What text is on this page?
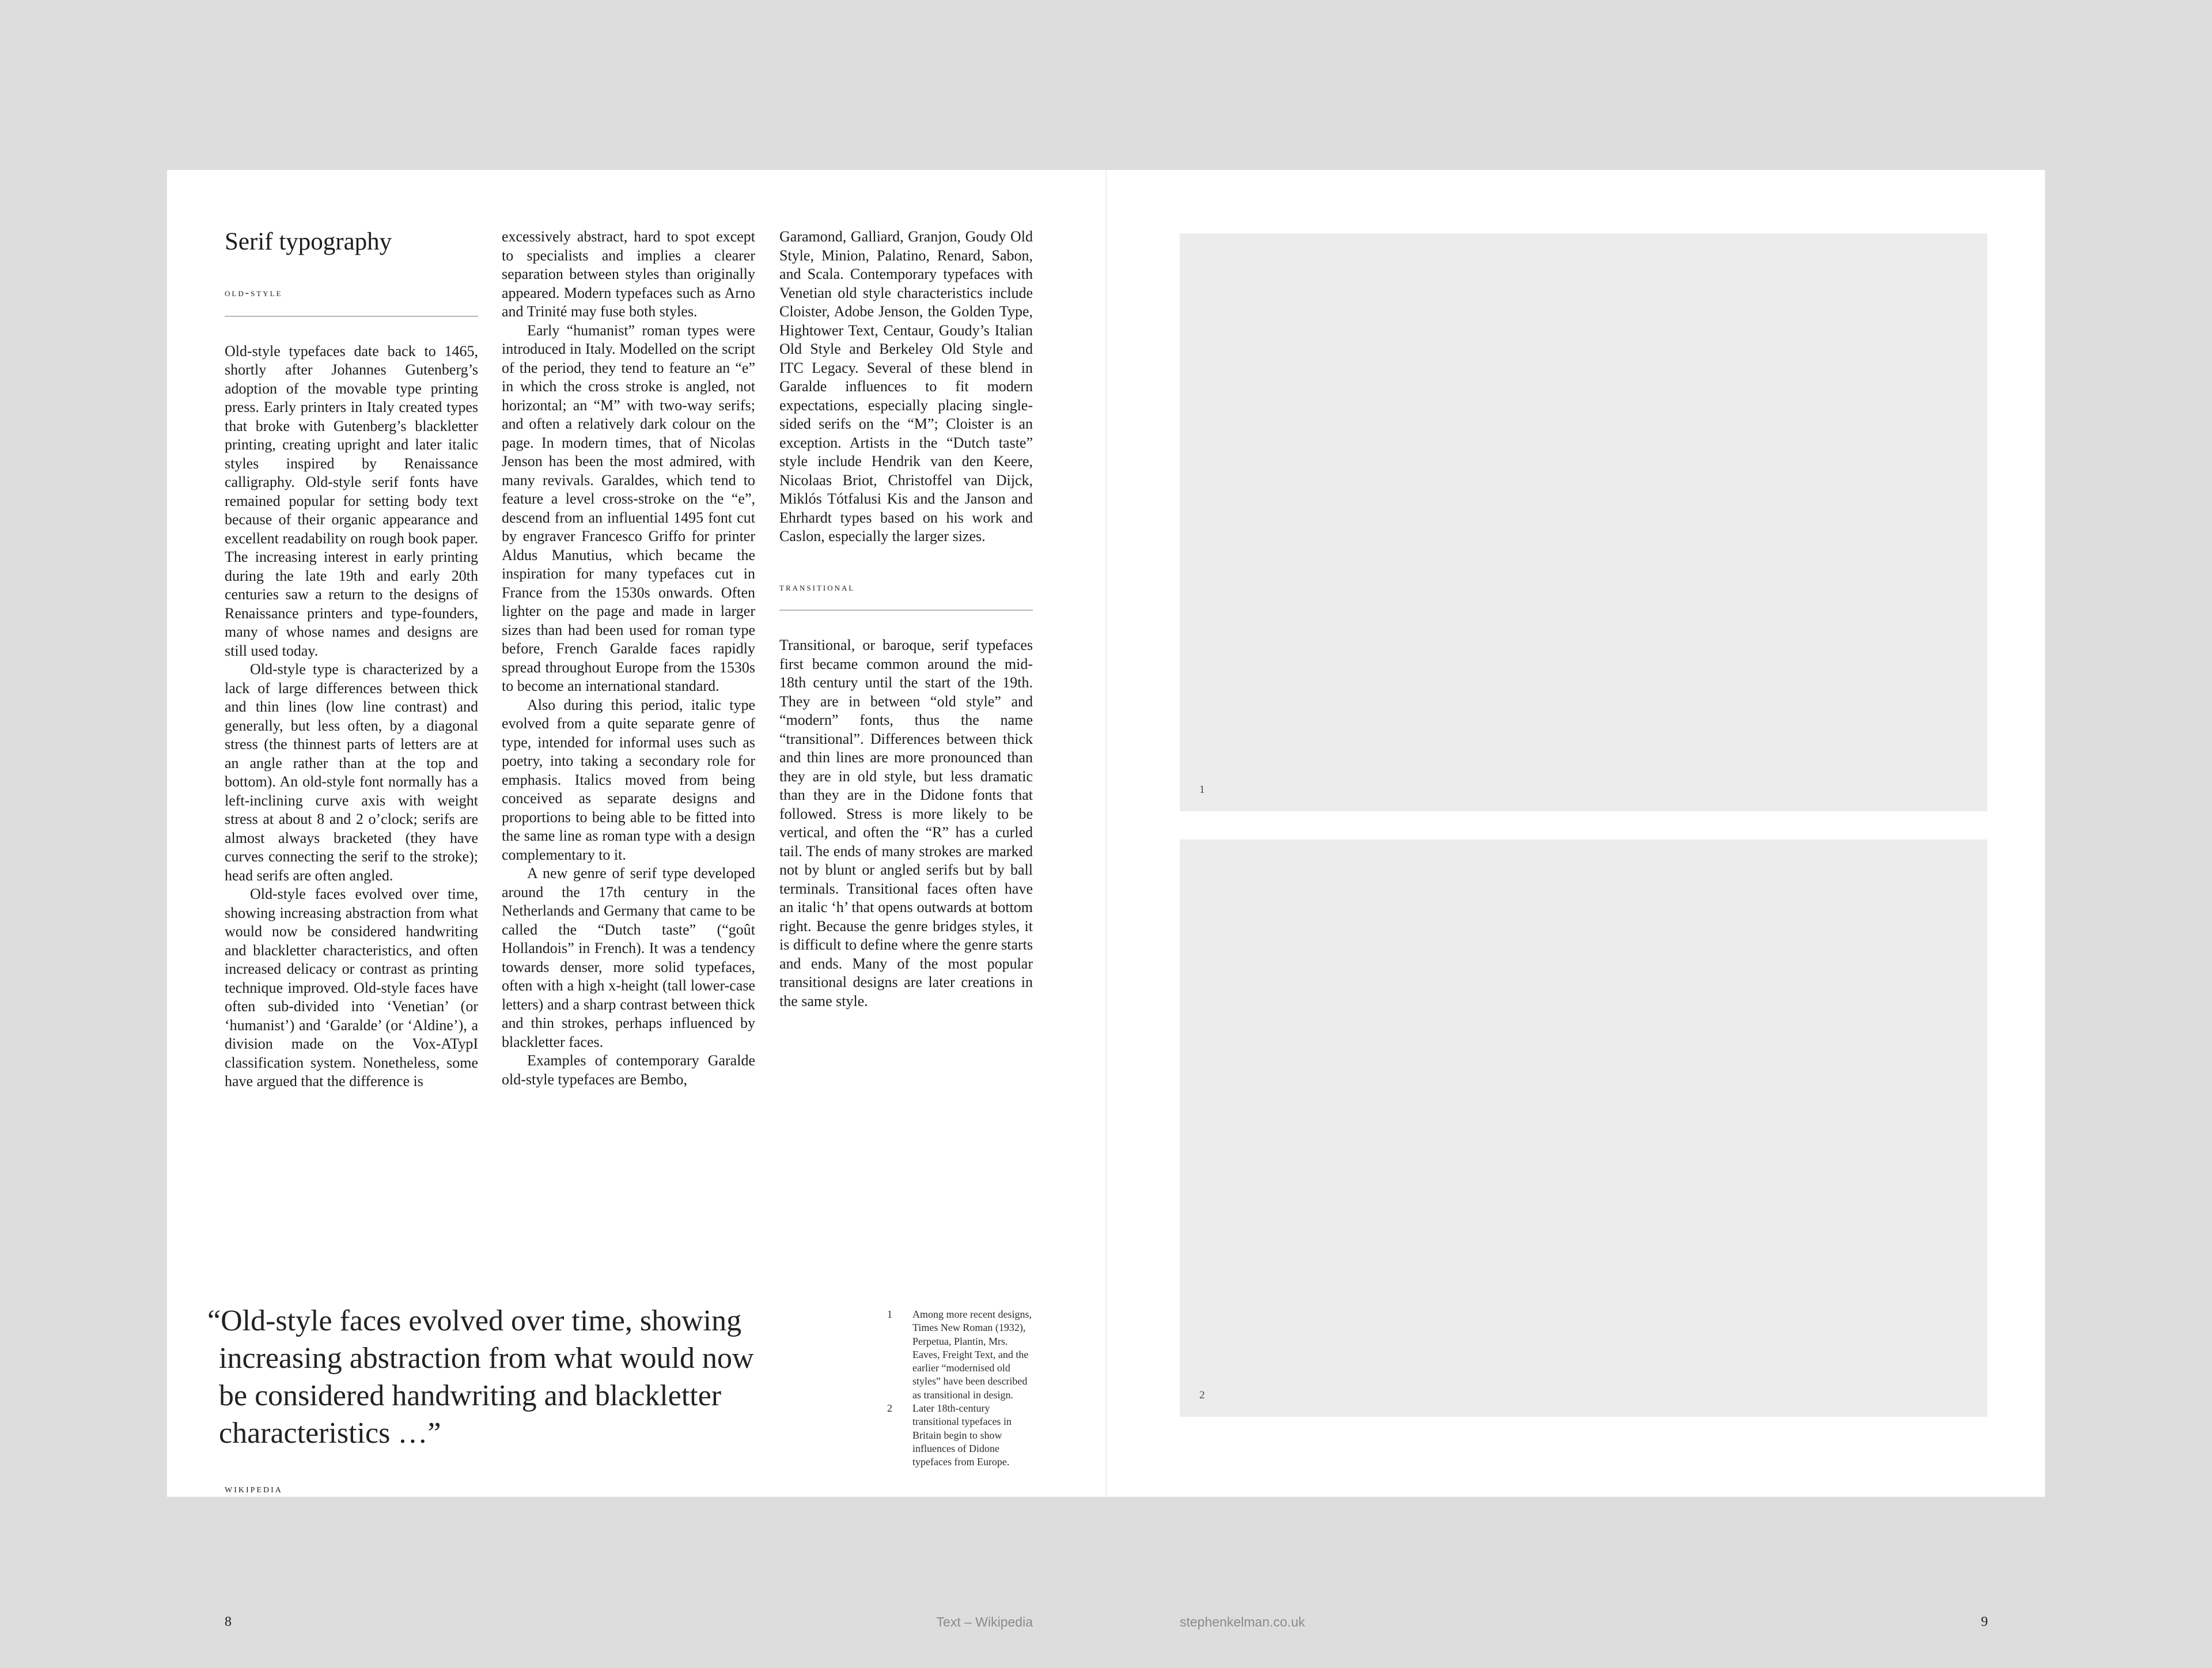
Serif typography
old-style

Old-style typefaces date back to 1465, shortly after Johannes Gutenberg’s adoption of the movable type printing press. Early printers in Italy created types that broke with Gutenberg’s blackletter printing, creating upright and later italic styles inspired by Renaissance calligraphy. Old-style serif fonts have remained popular for setting body text because of their organic appearance and excellent readability on rough book paper. The increasing interest in early printing during the late 19th and early 20th centuries saw a return to the designs of Renaissance printers and type-founders, many of whose names and designs are still used today.

Old-style type is characterized by a lack of large differences between thick and thin lines (low line contrast) and generally, but less often, by a diagonal stress (the thinnest parts of letters are at an angle rather than at the top and bottom). An old-style font normally has a left-inclining curve axis with weight stress at about 8 and 2 o’clock; serifs are almost always bracketed (they have curves connecting the serif to the stroke); head serifs are often angled.

Old-style faces evolved over time, showing increasing abstraction from what would now be considered handwriting and blackletter characteristics, and often increased delicacy or contrast as printing technique improved. Old-style faces have often sub-divided into ‘Venetian’ (or ‘humanist’) and ‘Garalde’ (or ‘Aldine’), a division made on the Vox-ATypI classification system. Nonetheless, some have argued that the difference is

excessively abstract, hard to spot except to specialists and implies a clearer separation between styles than originally appeared. Modern typefaces such as Arno and Trinité may fuse both styles.

Early “humanist” roman types were introduced in Italy. Modelled on the script of the period, they tend to feature an “e” in which the cross stroke is angled, not horizontal; an “M” with two-way serifs; and often a relatively dark colour on the page. In modern times, that of Nicolas Jenson has been the most admired, with many revivals. Garaldes, which tend to feature a level cross-stroke on the “e”, descend from an influential 1495 font cut by engraver Francesco Griffo for printer Aldus Manutius, which became the inspiration for many typefaces cut in France from the 1530s onwards. Often lighter on the page and made in larger sizes than had been used for roman type before, French Garalde faces rapidly spread throughout Europe from the 1530s to become an international standard.

Also during this period, italic type evolved from a quite separate genre of type, intended for informal uses such as poetry, into taking a secondary role for emphasis. Italics moved from being conceived as separate designs and proportions to being able to be fitted into the same line as roman type with a design complementary to it.

A new genre of serif type developed around the 17th century in the Netherlands and Germany that came to be called the “Dutch taste” (“goût Hollandois” in French). It was a tendency towards denser, more solid typefaces, often with a high x-height (tall lower-case letters) and a sharp contrast between thick and thin strokes, perhaps influenced by blackletter faces.

Examples of contemporary Garalde old-style typefaces are Bembo,

Garamond, Galliard, Granjon, Goudy Old Style, Minion, Palatino, Renard, Sabon, and Scala. Contemporary typefaces with Venetian old style characteristics include Cloister, Adobe Jenson, the Golden Type, Hightower Text, Centaur, Goudy’s Italian Old Style and Berkeley Old Style and ITC Legacy. Several of these blend in Garalde influences to fit modern expectations, especially placing single-sided serifs on the “M”; Cloister is an exception. Artists in the “Dutch taste” style include Hendrik van den Keere, Nicolaas Briot, Christoffel van Dijck, Miklós Tótfalusi Kis and the Janson and Ehrhardt types based on his work and Caslon, especially the larger sizes.

transitional

Transitional, or baroque, serif typefaces first became common around the mid-18th century until the start of the 19th. They are in between “old style” and “modern” fonts, thus the name “transitional”. Differences between thick and thin lines are more pronounced than they are in old style, but less dramatic than they are in the Didone fonts that followed. Stress is more likely to be vertical, and often the “R” has a curled tail. The ends of many strokes are marked not by blunt or angled serifs but by ball terminals. Transitional faces often have an italic ‘h’ that opens outwards at bottom right. Because the genre bridges styles, it is difficult to define where the genre starts and ends. Many of the most popular transitional designs are later creations in the same style.

“Old-style faces evolved over time, showing increasing abstraction from what would now be considered handwriting and blackletter characteristics …”
wikipedia
1 Among more recent designs, Times New Roman (1932), Perpetua, Plantin, Mrs. Eaves, Freight Text, and the earlier “modernised old styles” have been described as transitional in design.
2 Later 18th-century transitional typefaces in Britain begin to show influences of Didone typefaces from Europe.
8	Text – Wikipedia
1
2
stephenkelman.co.uk	9
